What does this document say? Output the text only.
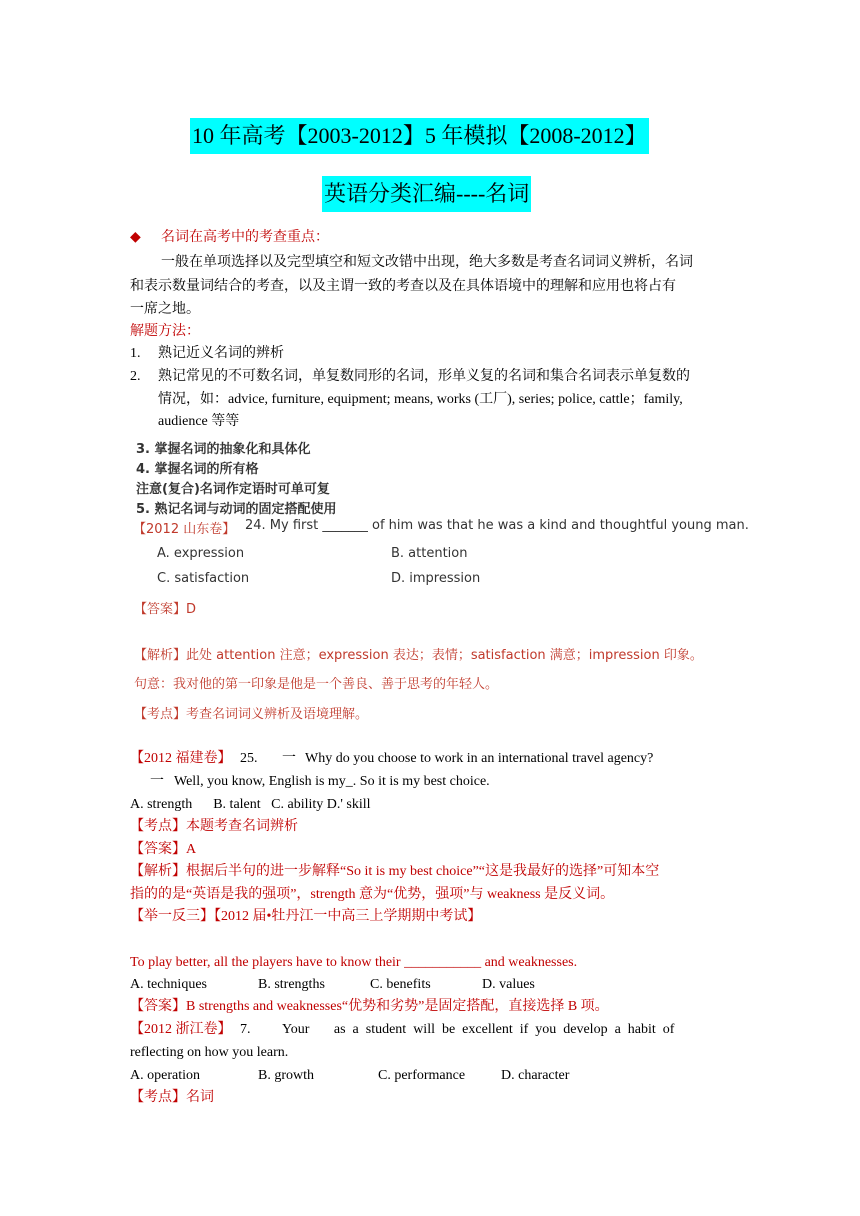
10 年高考【2003-2012】5 年模拟【2008-2012】
英语分类汇编----名词
◆ 名词在高考中的考查重点：
一般在单项选择以及完型填空和短文改错中出现，绝大多数是考查名词词义辨析，名词
和表示数量词结合的考查，以及主谓一致的考查以及在具体语境中的理解和应用也将占有
一席之地。
解题方法：
1. 熟记近义名词的辨析
2. 熟记常见的不可数名词，单复数同形的名词，形单义复的名词和集合名词表示单复数的
情况，如：advice, furniture, equipment; means, works (工厂), series; police, cattle；family,
audience 等等
3. 掌握名词的抽象化和具体化
4. 掌握名词的所有格
注意(复合)名词作定语时可单可复
5. 熟记名词与动词的固定搭配使用
【2012 山东卷】 24. My first _______ of him was that he was a kind and thoughtful young man.
A. expression	B. attention
C. satisfaction	D. impression
【答案】D
【解析】此处 attention 注意；expression 表达；表情；satisfaction 满意；impression 印象。
句意：我对他的第一印象是他是一个善良、善于思考的年轻人。
【考点】考查名词词义辨析及语境理解。
【2012 福建卷】 25. 一 Why do you choose to work in an international travel agency?
一 Well, you know, English is my_. So it is my best choice.
A. strength      B. talent   C. ability D.' skill
【考点】本题考查名词辨析
【答案】A
【解析】根据后半句的进一步解释“So it is my best choice”“这是我最好的选择”可知本空
指的的是“英语是我的强项”，strength 意为“优势，强项”与 weakness 是反义词。
【举一反三】【2012 届•牡丹江一中高三上学期期中考试】
To play better, all the players have to know their ___________ and weaknesses.
A. techniques	B. strengths	C. benefits	D. values
【答案】B strengths and weaknesses“优势和劣势”是固定搭配，直接选择 B 项。
【2012 浙江卷】 7. Your       as  a  student  will  be  excellent  if  you  develop  a  habit  of
reflecting on how you learn.
A. operation	B. growth	C. performance	D. character
【考点】名词
